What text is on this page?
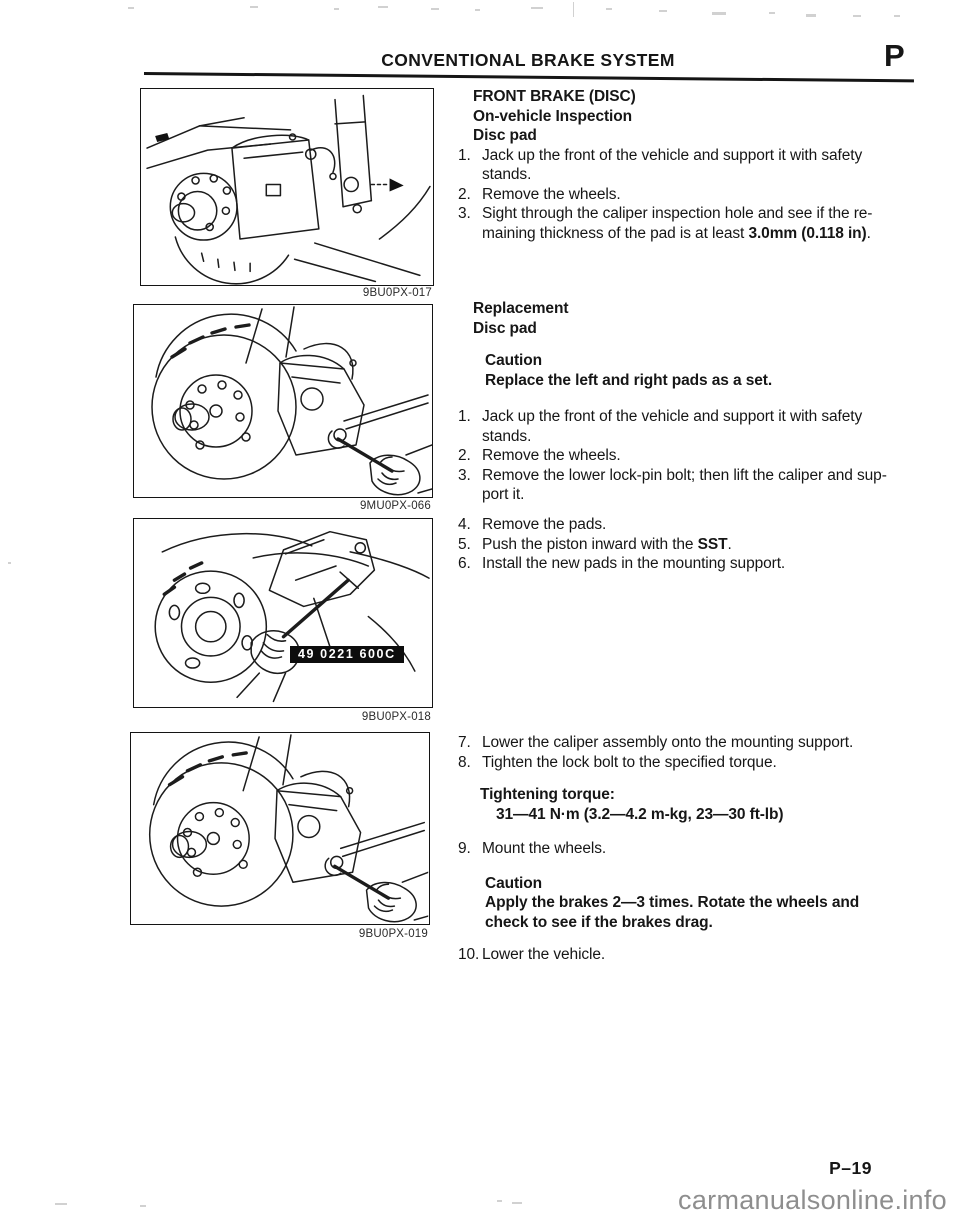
CONVENTIONAL BRAKE SYSTEM	P
9BU0PX-017
9MU0PX-066
49 0221 600C
9BU0PX-018
9BU0PX-019
FRONT BRAKE (DISC)
On-vehicle Inspection
Disc pad
1. Jack up the front of the vehicle and support it with safety
stands.
2. Remove the wheels.
3. Sight through the caliper inspection hole and see if the re-
maining thickness of the pad is at least 3.0mm (0.118 in).
Replacement
Disc pad
Caution
Replace the left and right pads as a set.
1. Jack up the front of the vehicle and support it with safety
stands.
2. Remove the wheels.
3. Remove the lower lock-pin bolt; then lift the caliper and sup-
port it.
4. Remove the pads.
5. Push the piston inward with the SST.
6. Install the new pads in the mounting support.
7. Lower the caliper assembly onto the mounting support.
8. Tighten the lock bolt to the specified torque.
Tightening torque:
31—41 N·m (3.2—4.2 m-kg, 23—30 ft-lb)
9. Mount the wheels.
Caution
Apply the brakes 2—3 times. Rotate the wheels and
check to see if the brakes drag.
10. Lower the vehicle.
P–19
carmanualsonline.info
